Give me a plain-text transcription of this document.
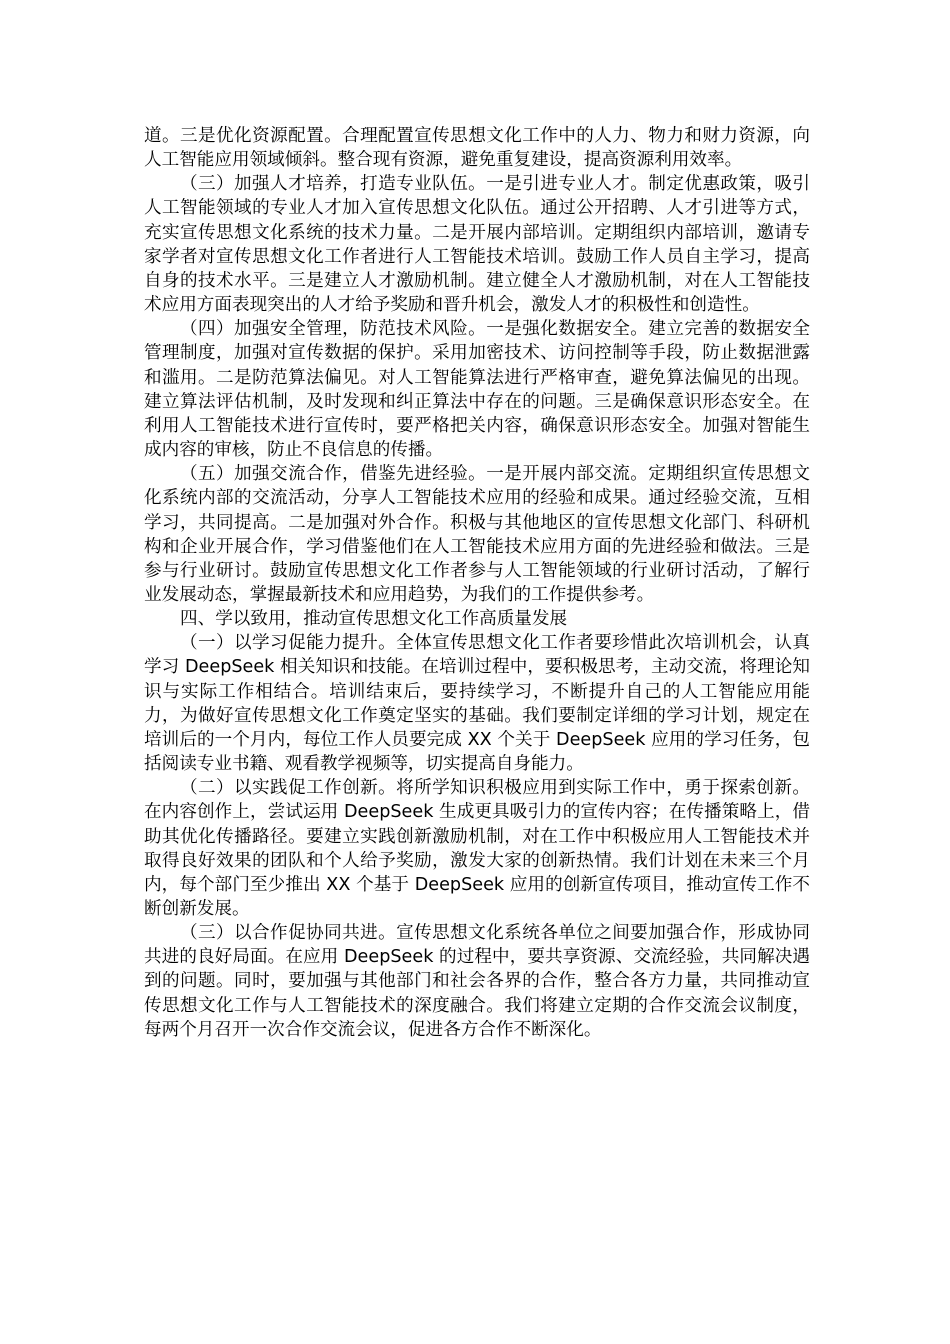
道。三是优化资源配置。合理配置宣传思想文化工作中的人力、物力和财力资源，向人工智能应用领域倾斜。整合现有资源，避免重复建设，提高资源利用效率。

（三）加强人才培养，打造专业队伍。一是引进专业人才。制定优惠政策，吸引人工智能领域的专业人才加入宣传思想文化队伍。通过公开招聘、人才引进等方式，充实宣传思想文化系统的技术力量。二是开展内部培训。定期组织内部培训，邀请专家学者对宣传思想文化工作者进行人工智能技术培训。鼓励工作人员自主学习，提高自身的技术水平。三是建立人才激励机制。建立健全人才激励机制，对在人工智能技术应用方面表现突出的人才给予奖励和晋升机会，激发人才的积极性和创造性。

（四）加强安全管理，防范技术风险。一是强化数据安全。建立完善的数据安全管理制度，加强对宣传数据的保护。采用加密技术、访问控制等手段，防止数据泄露和滥用。二是防范算法偏见。对人工智能算法进行严格审查，避免算法偏见的出现。建立算法评估机制，及时发现和纠正算法中存在的问题。三是确保意识形态安全。在利用人工智能技术进行宣传时，要严格把关内容，确保意识形态安全。加强对智能生成内容的审核，防止不良信息的传播。

（五）加强交流合作，借鉴先进经验。一是开展内部交流。定期组织宣传思想文化系统内部的交流活动，分享人工智能技术应用的经验和成果。通过经验交流，互相学习，共同提高。二是加强对外合作。积极与其他地区的宣传思想文化部门、科研机构和企业开展合作，学习借鉴他们在人工智能技术应用方面的先进经验和做法。三是参与行业研讨。鼓励宣传思想文化工作者参与人工智能领域的行业研讨活动，了解行业发展动态，掌握最新技术和应用趋势，为我们的工作提供参考。

四、学以致用，推动宣传思想文化工作高质量发展

（一）以学习促能力提升。全体宣传思想文化工作者要珍惜此次培训机会，认真学习 DeepSeek 相关知识和技能。在培训过程中，要积极思考，主动交流，将理论知识与实际工作相结合。培训结束后，要持续学习，不断提升自己的人工智能应用能力，为做好宣传思想文化工作奠定坚实的基础。我们要制定详细的学习计划，规定在培训后的一个月内，每位工作人员要完成 XX 个关于 DeepSeek 应用的学习任务，包括阅读专业书籍、观看教学视频等，切实提高自身能力。

（二）以实践促工作创新。将所学知识积极应用到实际工作中，勇于探索创新。在内容创作上，尝试运用 DeepSeek 生成更具吸引力的宣传内容；在传播策略上，借助其优化传播路径。要建立实践创新激励机制，对在工作中积极应用人工智能技术并取得良好效果的团队和个人给予奖励，激发大家的创新热情。我们计划在未来三个月内，每个部门至少推出 XX 个基于 DeepSeek 应用的创新宣传项目，推动宣传工作不断创新发展。

（三）以合作促协同共进。宣传思想文化系统各单位之间要加强合作，形成协同共进的良好局面。在应用 DeepSeek 的过程中，要共享资源、交流经验，共同解决遇到的问题。同时，要加强与其他部门和社会各界的合作，整合各方力量，共同推动宣传思想文化工作与人工智能技术的深度融合。我们将建立定期的合作交流会议制度，每两个月召开一次合作交流会议，促进各方合作不断深化。
